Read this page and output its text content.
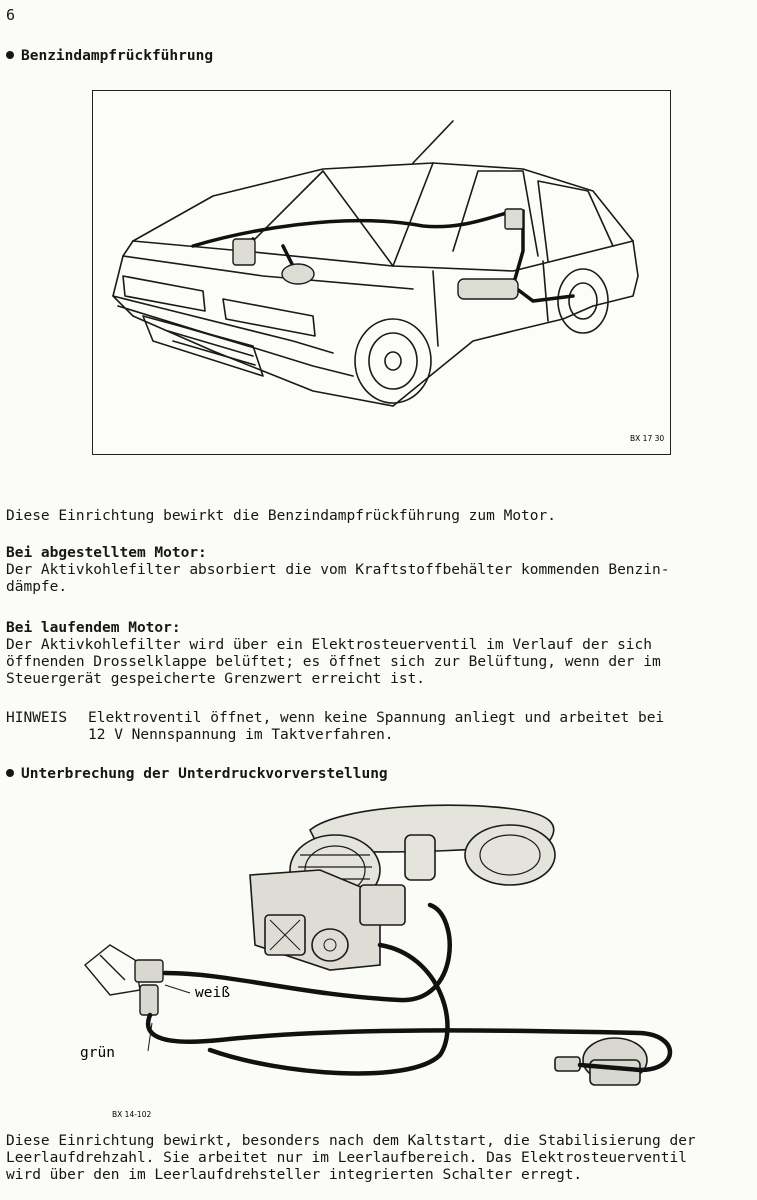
6
Benzindampfrückführung
BX 17 30
Diese Einrichtung bewirkt die Benzindampfrückführung zum Motor.
Bei abgestelltem Motor:
Der Aktivkohlefilter absorbiert die vom Kraftstoffbehälter kommenden Benzin-
dämpfe.
Bei laufendem Motor:
Der Aktivkohlefilter wird über ein Elektrosteuerventil im Verlauf der sich
öffnenden Drosselklappe belüftet; es öffnet sich zur Belüftung, wenn der im
Steuergerät gespeicherte Grenzwert erreicht ist.
HINWEIS Elektroventil öffnet, wenn keine Spannung anliegt und arbeitet bei
12 V Nennspannung im Taktverfahren.
Unterbrechung der Unterdruckvorverstellung
weiß
grün
BX 14-102
Diese Einrichtung bewirkt, besonders nach dem Kaltstart, die Stabilisierung der
Leerlaufdrehzahl. Sie arbeitet nur im Leerlaufbereich. Das Elektrosteuerventil
wird über den im Leerlaufdrehsteller integrierten Schalter erregt.
